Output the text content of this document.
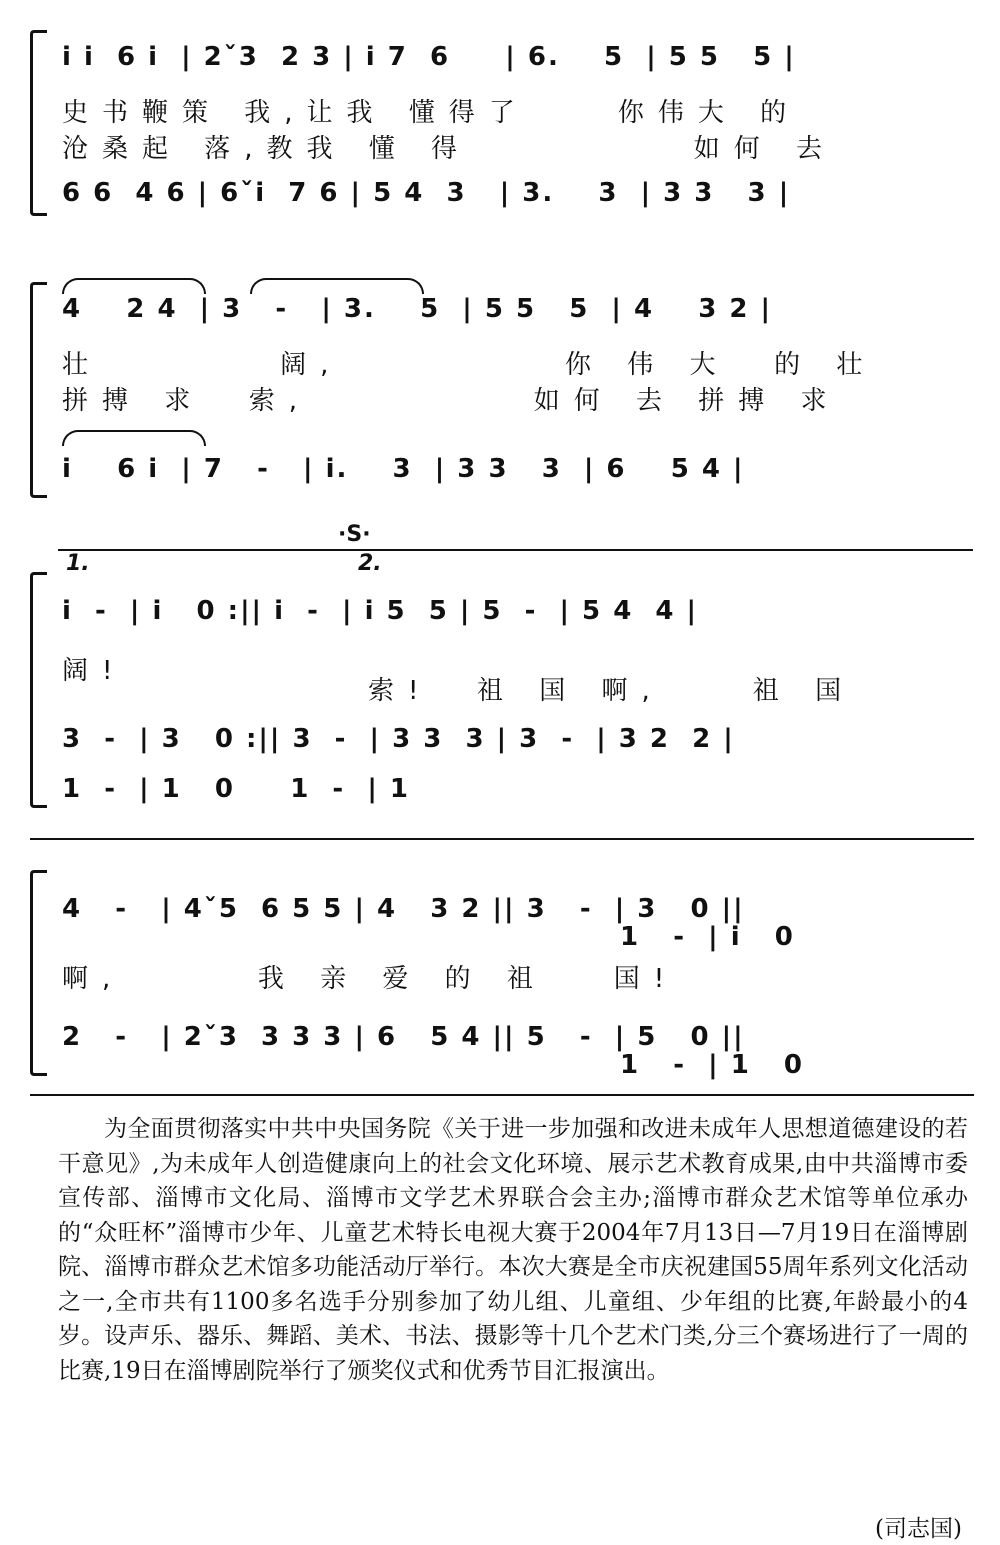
i i  6 i  | 2ˇ3  2 3 | i 7  6     | 6.    5  | 5 5   5 |
史书鞭策 我,让我 懂得了    你伟大 的
沧桑起 落,教我 懂 得          如何 去
6 6  4 6 | 6ˇi  7 6 | 5 4  3   | 3.    3  | 3 3   3 |
4    2 4  | 3   -   | 3.    5  | 5 5   5  | 4    3 2 |
壮        阔,          你 伟 大  的 壮
拼搏 求  索,          如何 去 拼搏 求
i    6 i  | 7   -   | i.    3  | 3 3   3  | 6    5 4 |
1.	2.
·S·
i  -  | i   0 :|| i  -  | i 5  5 | 5  -  | 5 4  4 |
阔!
索!  祖 国 啊,    祖 国
3  -  | 3   0 :|| 3  -  | 3 3  3 | 3  -  | 3 2  2 |
1  -  | 1   0     1  -  | 1
4   -   | 4ˇ5  6 5 5 | 4   3 2 || 3   -  | 3   0 ||
1   -  | i   0
啊,      我 亲 爱 的 祖   国!
2   -   | 2ˇ3  3 3 3 | 6   5 4 || 5   -  | 5   0 ||
1   -  | 1   0
为全面贯彻落实中共中央国务院《关于进一步加强和改进未成年人思想道德建设的若干意见》,为未成年人创造健康向上的社会文化环境、展示艺术教育成果,由中共淄博市委宣传部、淄博市文化局、淄博市文学艺术界联合会主办;淄博市群众艺术馆等单位承办的“众旺杯”淄博市少年、儿童艺术特长电视大赛于2004年7月13日—7月19日在淄博剧院、淄博市群众艺术馆多功能活动厅举行。本次大赛是全市庆祝建国55周年系列文化活动之一,全市共有1100多名选手分别参加了幼儿组、儿童组、少年组的比赛,年龄最小的4岁。设声乐、器乐、舞蹈、美术、书法、摄影等十几个艺术门类,分三个赛场进行了一周的比赛,19日在淄博剧院举行了颁奖仪式和优秀节目汇报演出。
(司志国)
